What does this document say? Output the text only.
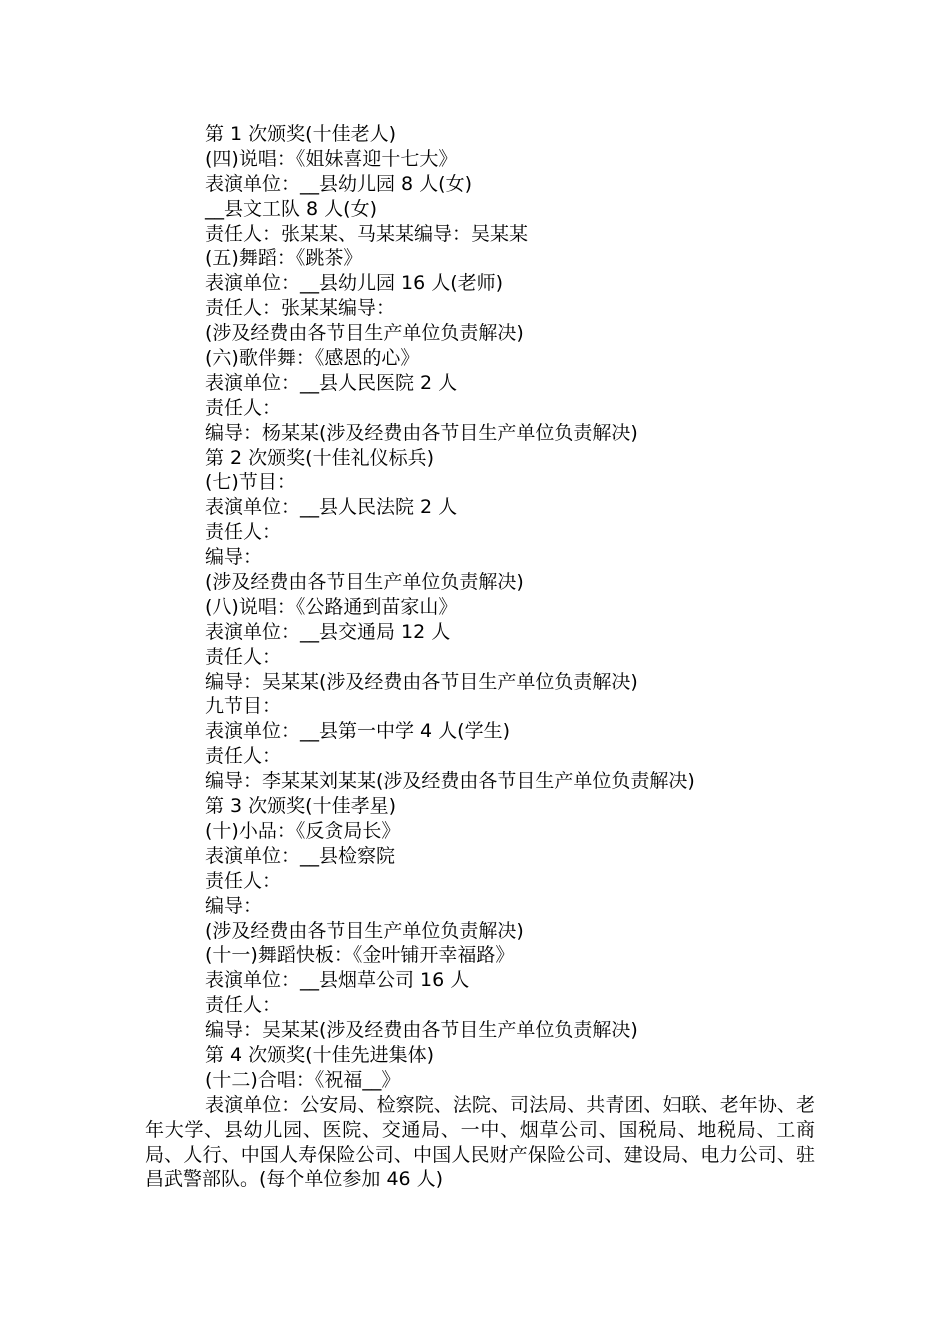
第 1 次颁奖(十佳老人)
(四)说唱：《姐妹喜迎十七大》
表演单位：__县幼儿园 8 人(女)
__县文工队 8 人(女)
责任人：张某某、马某某编导：吴某某
(五)舞蹈：《跳茶》
表演单位：__县幼儿园 16 人(老师)
责任人：张某某编导：
(涉及经费由各节目生产单位负责解决)
(六)歌伴舞：《感恩的心》
表演单位：__县人民医院 2 人
责任人：
编导：杨某某(涉及经费由各节目生产单位负责解决)
第 2 次颁奖(十佳礼仪标兵)
(七)节目：
表演单位：__县人民法院 2 人
责任人：
编导：
(涉及经费由各节目生产单位负责解决)
(八)说唱：《公路通到苗家山》
表演单位：__县交通局 12 人
责任人：
编导：吴某某(涉及经费由各节目生产单位负责解决)
九节目：
表演单位：__县第一中学 4 人(学生)
责任人：
编导：李某某刘某某(涉及经费由各节目生产单位负责解决)
第 3 次颁奖(十佳孝星)
(十)小品：《反贪局长》
表演单位：__县检察院
责任人：
编导：
(涉及经费由各节目生产单位负责解决)
(十一)舞蹈快板：《金叶铺开幸福路》
表演单位：__县烟草公司 16 人
责任人：
编导：吴某某(涉及经费由各节目生产单位负责解决)
第 4 次颁奖(十佳先进集体)
(十二)合唱：《祝福__》
表演单位：公安局、检察院、法院、司法局、共青团、妇联、老年协、老年大学、县幼儿园、医院、交通局、一中、烟草公司、国税局、地税局、工商局、人行、中国人寿保险公司、中国人民财产保险公司、建设局、电力公司、驻昌武警部队。(每个单位参加 46 人)
